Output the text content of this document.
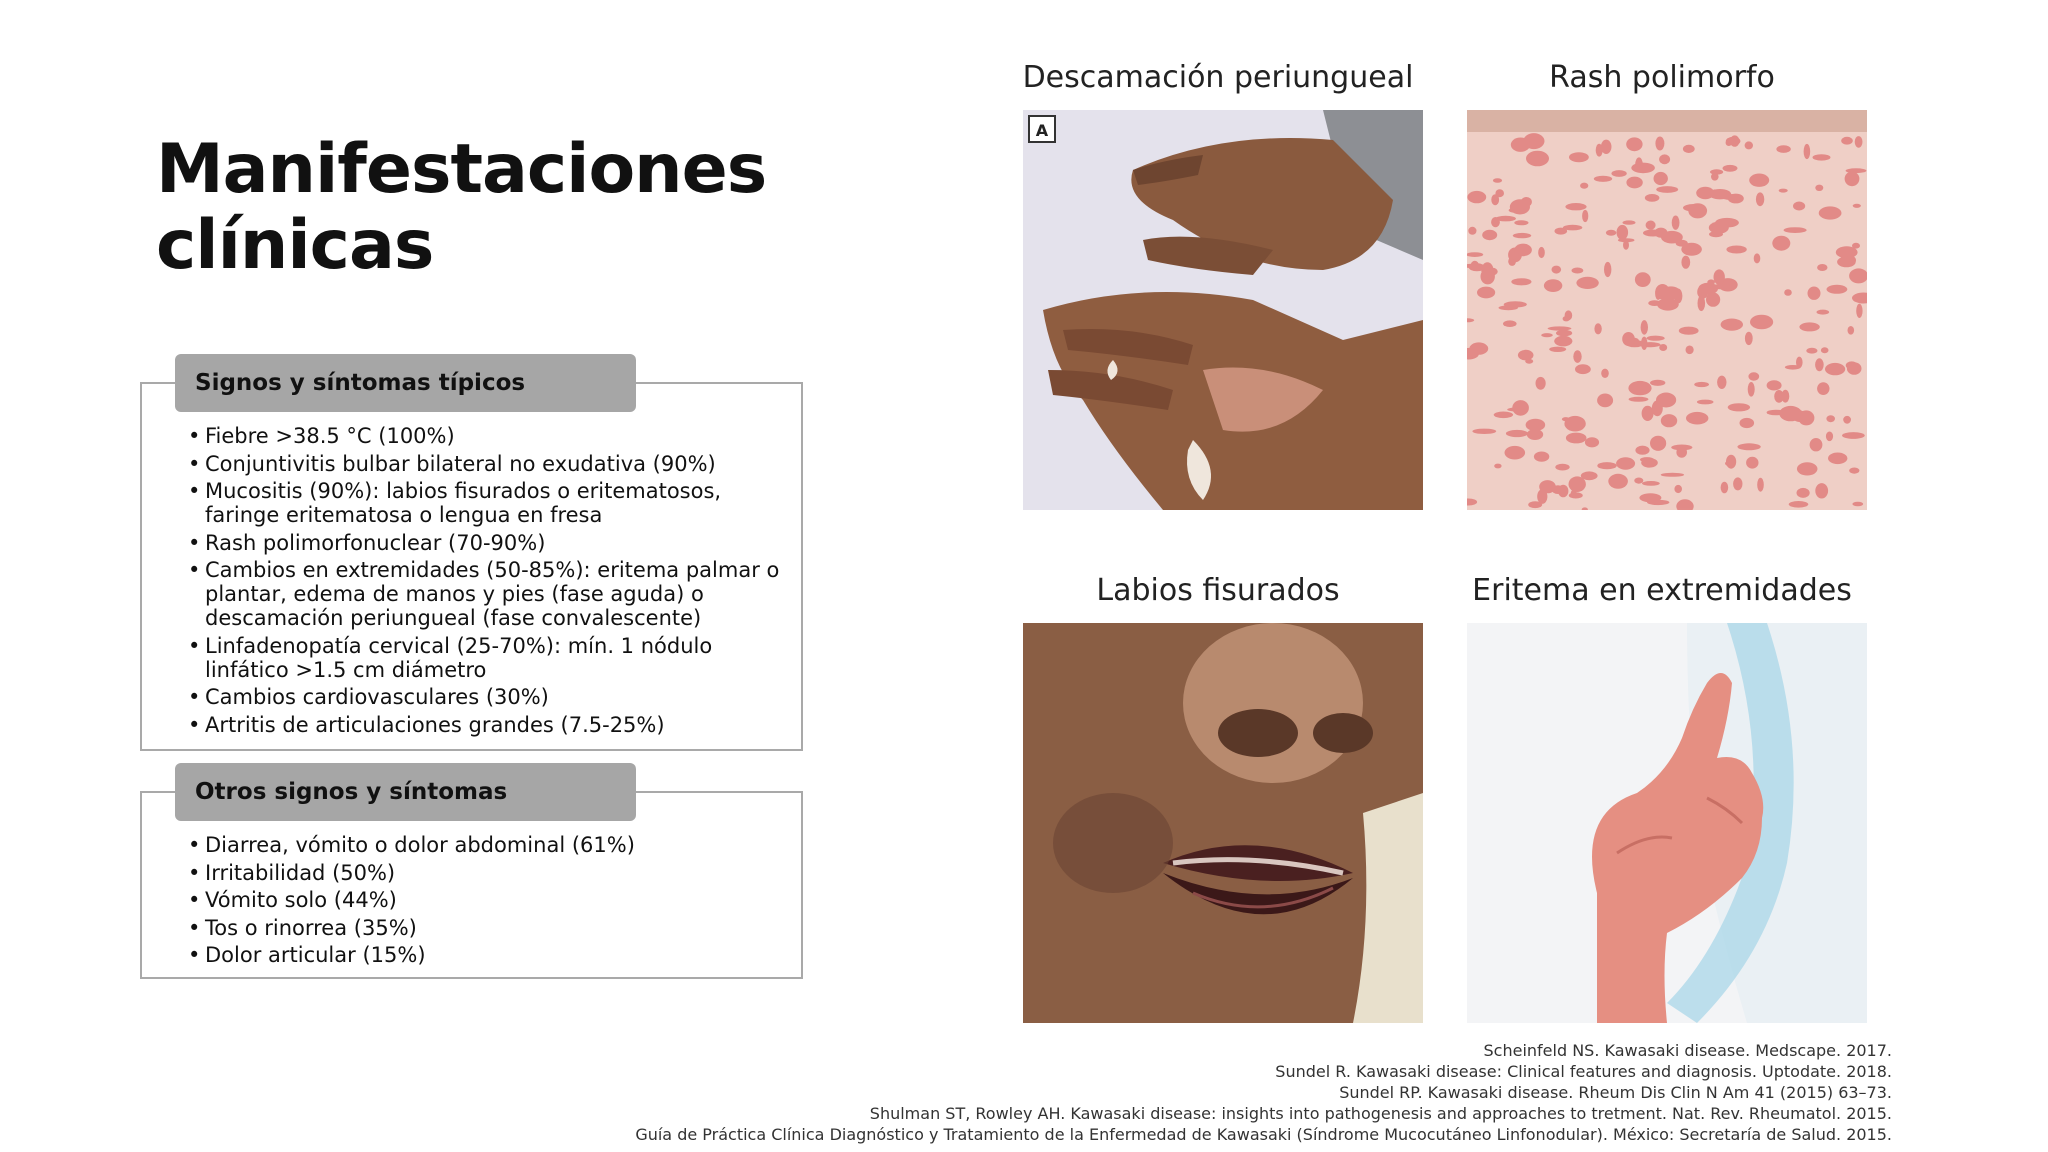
Manifestaciones
clínicas
Signos y síntomas típicos
• Fiebre >38.5 °C (100%)
• Conjuntivitis bulbar bilateral no exudativa (90%)
• Mucositis (90%): labios fisurados o eritematosos, faringe eritematosa o lengua en fresa
• Rash polimorfonuclear (70-90%)
• Cambios en extremidades (50-85%): eritema palmar o plantar, edema de manos y pies (fase aguda) o descamación periungueal (fase convalescente)
• Linfadenopatía cervical (25-70%): mín. 1 nódulo linfático >1.5 cm diámetro
• Cambios cardiovasculares (30%)
• Artritis de articulaciones grandes (7.5-25%)
Otros signos y síntomas
• Diarrea, vómito o dolor abdominal (61%)
• Irritabilidad (50%)
• Vómito solo (44%)
• Tos o rinorrea (35%)
• Dolor articular (15%)
Descamación periungueal
A
Rash polimorfo
Labios fisurados	Eritema en extremidades
Scheinfeld NS. Kawasaki disease. Medscape. 2017.
Sundel R. Kawasaki disease: Clinical features and diagnosis. Uptodate. 2018.
Sundel RP. Kawasaki disease. Rheum Dis Clin N Am 41 (2015) 63–73.
Shulman ST, Rowley AH. Kawasaki disease: insights into pathogenesis and approaches to tretment. Nat. Rev. Rheumatol. 2015.
Guía de Práctica Clínica Diagnóstico y Tratamiento de la Enfermedad de Kawasaki (Síndrome Mucocutáneo Linfonodular). México: Secretaría de Salud. 2015.
